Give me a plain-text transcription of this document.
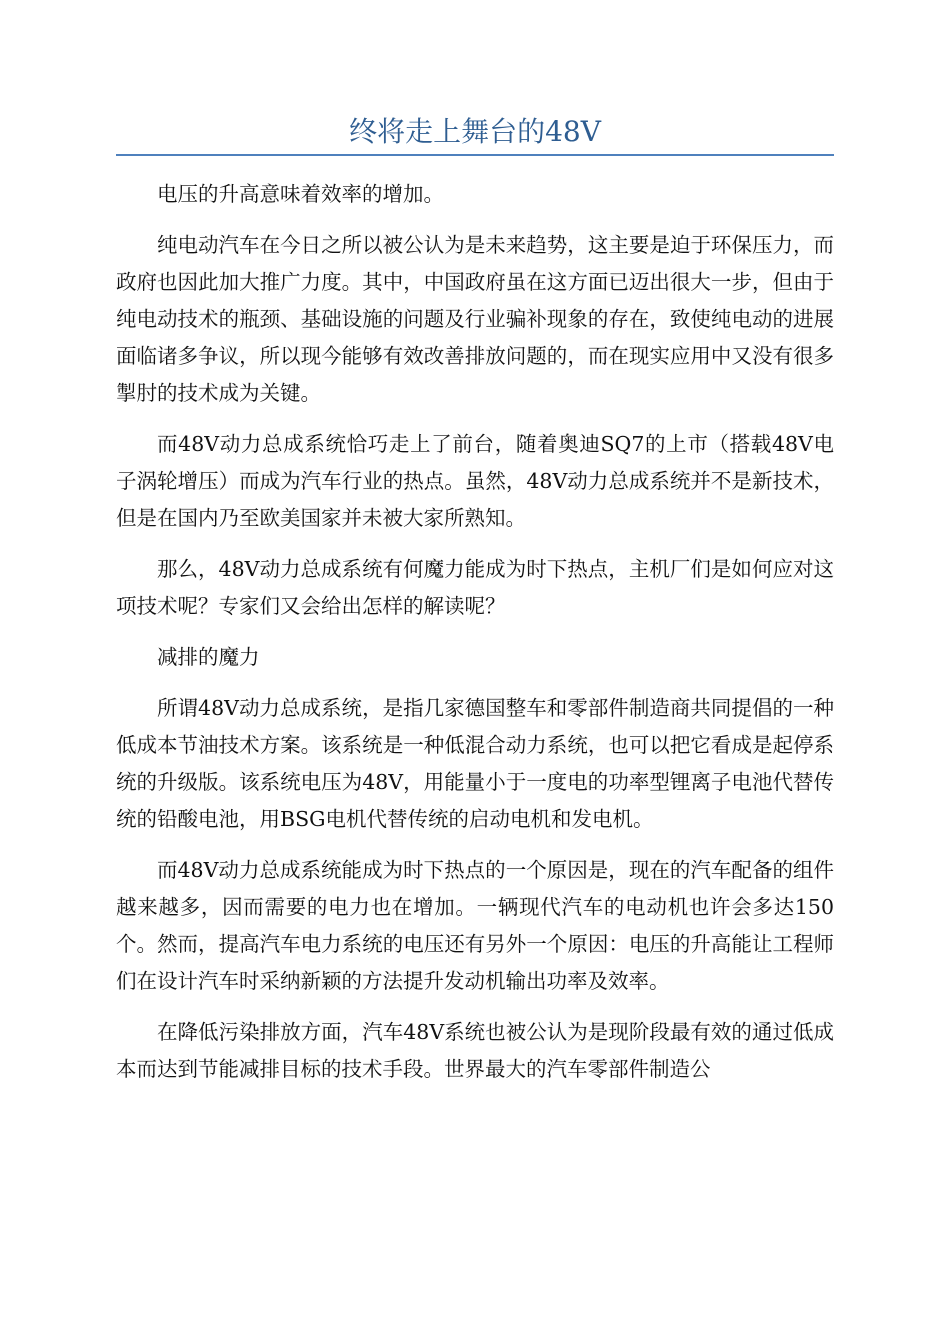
终将走上舞台的48V

电压的升高意味着效率的增加。

纯电动汽车在今日之所以被公认为是未来趋势，这主要是迫于环保压力，而政府也因此加大推广力度。其中，中国政府虽在这方面已迈出很大一步，但由于纯电动技术的瓶颈、基础设施的问题及行业骗补现象的存在，致使纯电动的进展面临诸多争议，所以现今能够有效改善排放问题的，而在现实应用中又没有很多掣肘的技术成为关键。

而48V动力总成系统恰巧走上了前台，随着奥迪SQ7的上市（搭载48V电子涡轮增压）而成为汽车行业的热点。虽然，48V动力总成系统并不是新技术，但是在国内乃至欧美国家并未被大家所熟知。

那么，48V动力总成系统有何魔力能成为时下热点，主机厂们是如何应对这项技术呢？专家们又会给出怎样的解读呢？

减排的魔力

所谓48V动力总成系统，是指几家德国整车和零部件制造商共同提倡的一种低成本节油技术方案。该系统是一种低混合动力系统，也可以把它看成是起停系统的升级版。该系统电压为48V，用能量小于一度电的功率型锂离子电池代替传统的铅酸电池，用BSG电机代替传统的启动电机和发电机。

而48V动力总成系统能成为时下热点的一个原因是，现在的汽车配备的组件越来越多，因而需要的电力也在增加。一辆现代汽车的电动机也许会多达150个。然而，提高汽车电力系统的电压还有另外一个原因：电压的升高能让工程师们在设计汽车时采纳新颖的方法提升发动机输出功率及效率。

在降低污染排放方面，汽车48V系统也被公认为是现阶段最有效的通过低成本而达到节能减排目标的技术手段。世界最大的汽车零部件制造公
